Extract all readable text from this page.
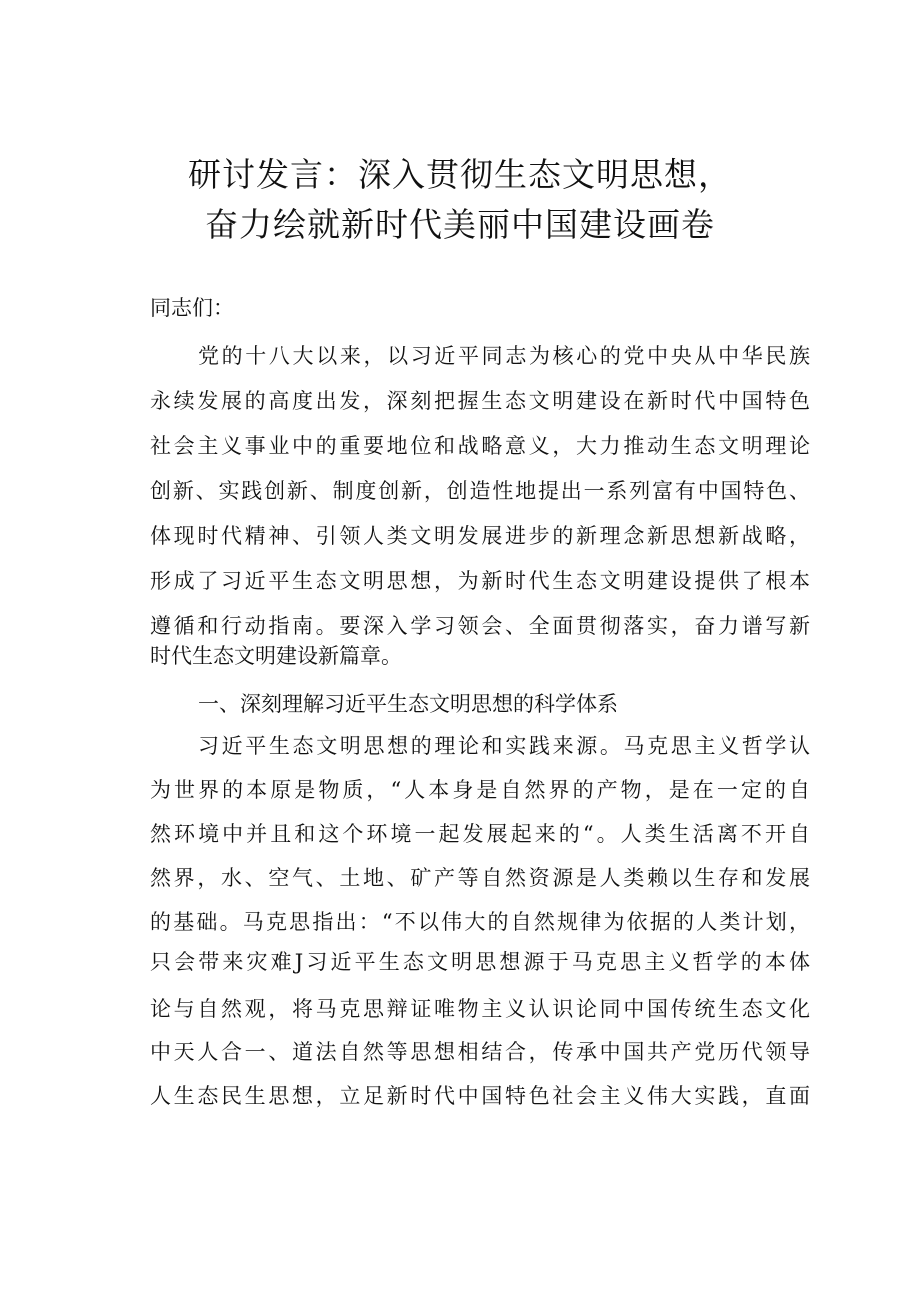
研讨发言：深入贯彻生态文明思想，
奋力绘就新时代美丽中国建设画卷
同志们：
党的十八大以来，以习近平同志为核心的党中央从中华民族
永续发展的高度出发，深刻把握生态文明建设在新时代中国特色
社会主义事业中的重要地位和战略意义，大力推动生态文明理论
创新、实践创新、制度创新，创造性地提出一系列富有中国特色、
体现时代精神、引领人类文明发展进步的新理念新思想新战略，
形成了习近平生态文明思想，为新时代生态文明建设提供了根本
遵循和行动指南。要深入学习领会、全面贯彻落实，奋力谱写新
时代生态文明建设新篇章。
一、深刻理解习近平生态文明思想的科学体系
习近平生态文明思想的理论和实践来源。马克思主义哲学认
为世界的本原是物质，“人本身是自然界的产物，是在一定的自
然环境中并且和这个环境一起发展起来的“。人类生活离不开自
然界，水、空气、土地、矿产等自然资源是人类赖以生存和发展
的基础。马克思指出：“不以伟大的自然规律为依据的人类计划，
只会带来灾难J习近平生态文明思想源于马克思主义哲学的本体
论与自然观，将马克思辩证唯物主义认识论同中国传统生态文化
中天人合一、道法自然等思想相结合，传承中国共产党历代领导
人生态民生思想，立足新时代中国特色社会主义伟大实践，直面
